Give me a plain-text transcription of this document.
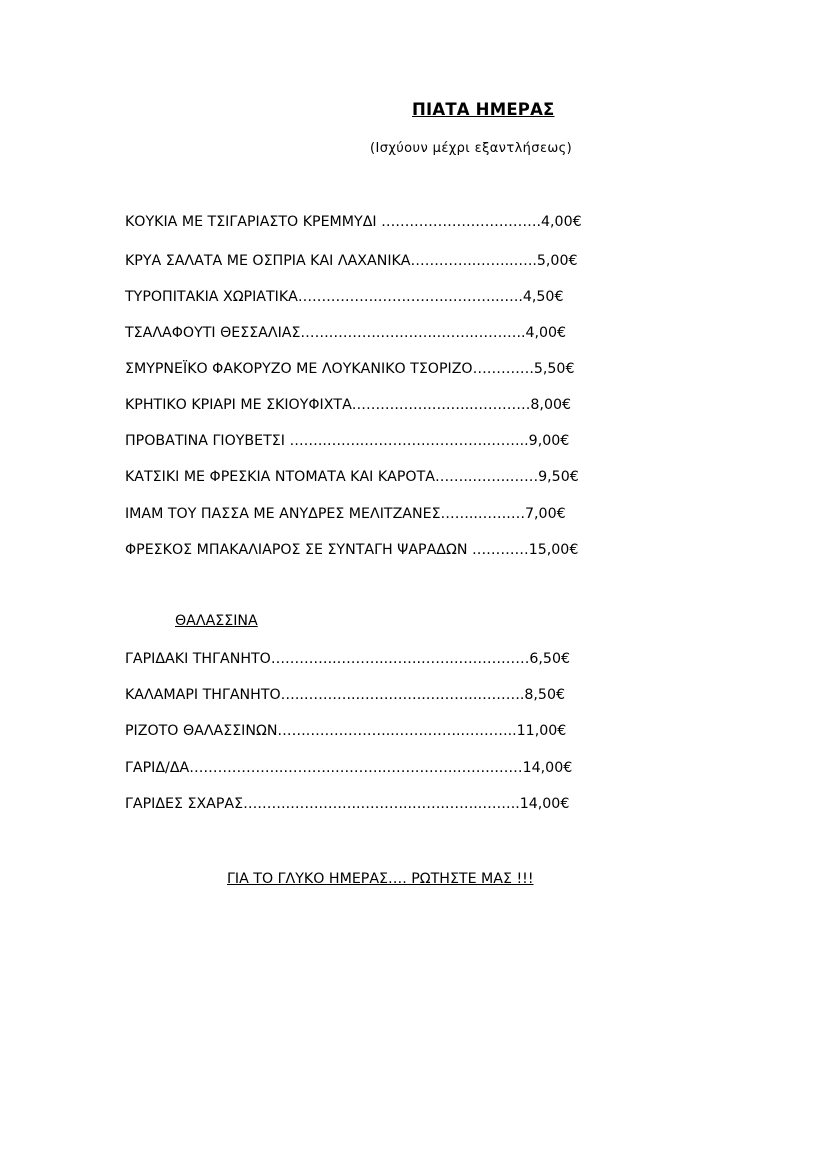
ΠΙΑΤΑ ΗΜΕΡΑΣ
(Ισχύουν μέχρι εξαντλήσεως)
ΚΟΥΚΙΑ ΜΕ ΤΣΙΓΑΡΙΑΣΤΟ ΚΡΕΜΜΥΔΙ …….………….…….…….4,00€
ΚΡΥΑ ΣΑΛΑΤΑ ΜΕ ΟΣΠΡΙΑ ΚΑΙ ΛΑΧΑΝΙΚΑ…………..……..…..5,00€
ΤΥΡΟΠΙΤΑΚΙΑ ΧΩΡΙΑΤΙΚΑ…….……….…….……..………..…..4,50€
ΤΣΑΛΑΦΟΥΤΙ ΘΕΣΣΑΛΙΑΣ…….……….….……..……..………..4,00€
ΣΜΥΡΝΕΪΚΟ ΦΑΚΟΡΥΖΟ ΜΕ ΛΟΥΚΑΝΙΚΟ ΤΣΟΡΙΖΟ………….5,50€
ΚΡΗΤΙΚΟ ΚΡΙΑΡΙ ΜΕ ΣΚΙΟΥΦΙΧΤΑ……….…….….…..…………8,00€
ΠΡΟΒΑΤΙΝΑ ΓΙΟΥΒΕΤΣΙ ……..……..………….…………..……..9,00€
ΚΑΤΣΙΚΙ ΜΕ ΦΡΕΣΚΙΑ ΝΤΟΜΑΤΑ ΚΑΙ ΚΑΡΟΤΑ……..……..……9,50€
ΙΜΑΜ ΤΟΥ ΠΑΣΣΑ ΜΕ ΑΝΥΔΡΕΣ ΜΕΛΙΤΖΑΝΕΣ……..…….…7,00€
ΦΡΕΣΚΟΣ ΜΠΑΚΑΛΙΑΡΟΣ ΣΕ ΣΥΝΤΑΓΗ ΨΑΡΑΔΩΝ …………15,00€
ΘΑΛΑΣΣΙΝΑ
ΓΑΡΙΔΑΚΙ ΤΗΓΑΝΗΤΟ…………..………..…….……..……………6,50€
ΚΑΛΑΜΑΡΙ ΤΗΓΑΝΗΤΟ…..………..…….……..………..……….8,50€
ΡΙΖΟΤΟ ΘΑΛΑΣΣΙΝΩΝ…….…….………..…….……..………..11,00€
ΓΑΡΙΔ/ΔΑ………………..………..………..…….……..……..……14,00€
ΓΑΡΙΔΕΣ ΣΧΑΡΑΣ……….…….……..………..…….……..……..14,00€
ΓΙΑ ΤΟ ΓΛΥΚΟ ΗΜΕΡΑΣ…. ΡΩΤΗΣΤΕ ΜΑΣ !!!
